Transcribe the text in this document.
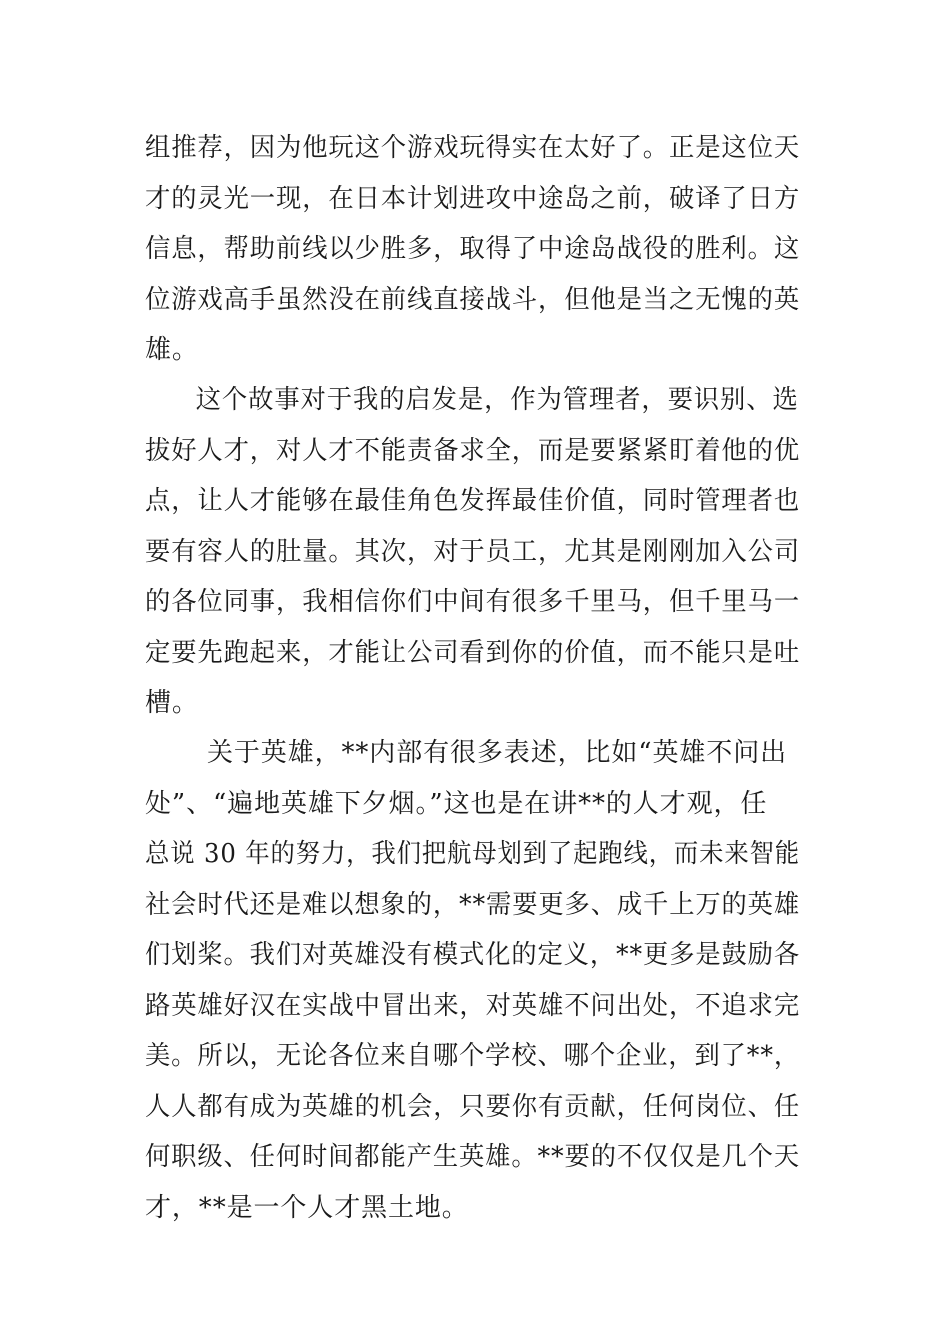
组推荐，因为他玩这个游戏玩得实在太好了。正是这位天
才的灵光一现，在日本计划进攻中途岛之前，破译了日方
信息，帮助前线以少胜多，取得了中途岛战役的胜利。这
位游戏高手虽然没在前线直接战斗，但他是当之无愧的英
雄。
这个故事对于我的启发是，作为管理者，要识别、选
拔好人才，对人才不能责备求全，而是要紧紧盯着他的优
点，让人才能够在最佳角色发挥最佳价值，同时管理者也
要有容人的肚量。其次，对于员工，尤其是刚刚加入公司
的各位同事，我相信你们中间有很多千里马，但千里马一
定要先跑起来，才能让公司看到你的价值，而不能只是吐
槽。
关于英雄，**内部有很多表述，比如“英雄不问出
处”、“遍地英雄下夕烟。”这也是在讲**的人才观，任
总说 30 年的努力，我们把航母划到了起跑线，而未来智能
社会时代还是难以想象的，**需要更多、成千上万的英雄
们划桨。我们对英雄没有模式化的定义，**更多是鼓励各
路英雄好汉在实战中冒出来，对英雄不问出处，不追求完
美。所以，无论各位来自哪个学校、哪个企业，到了**，
人人都有成为英雄的机会，只要你有贡献，任何岗位、任
何职级、任何时间都能产生英雄。**要的不仅仅是几个天
才，**是一个人才黑土地。
